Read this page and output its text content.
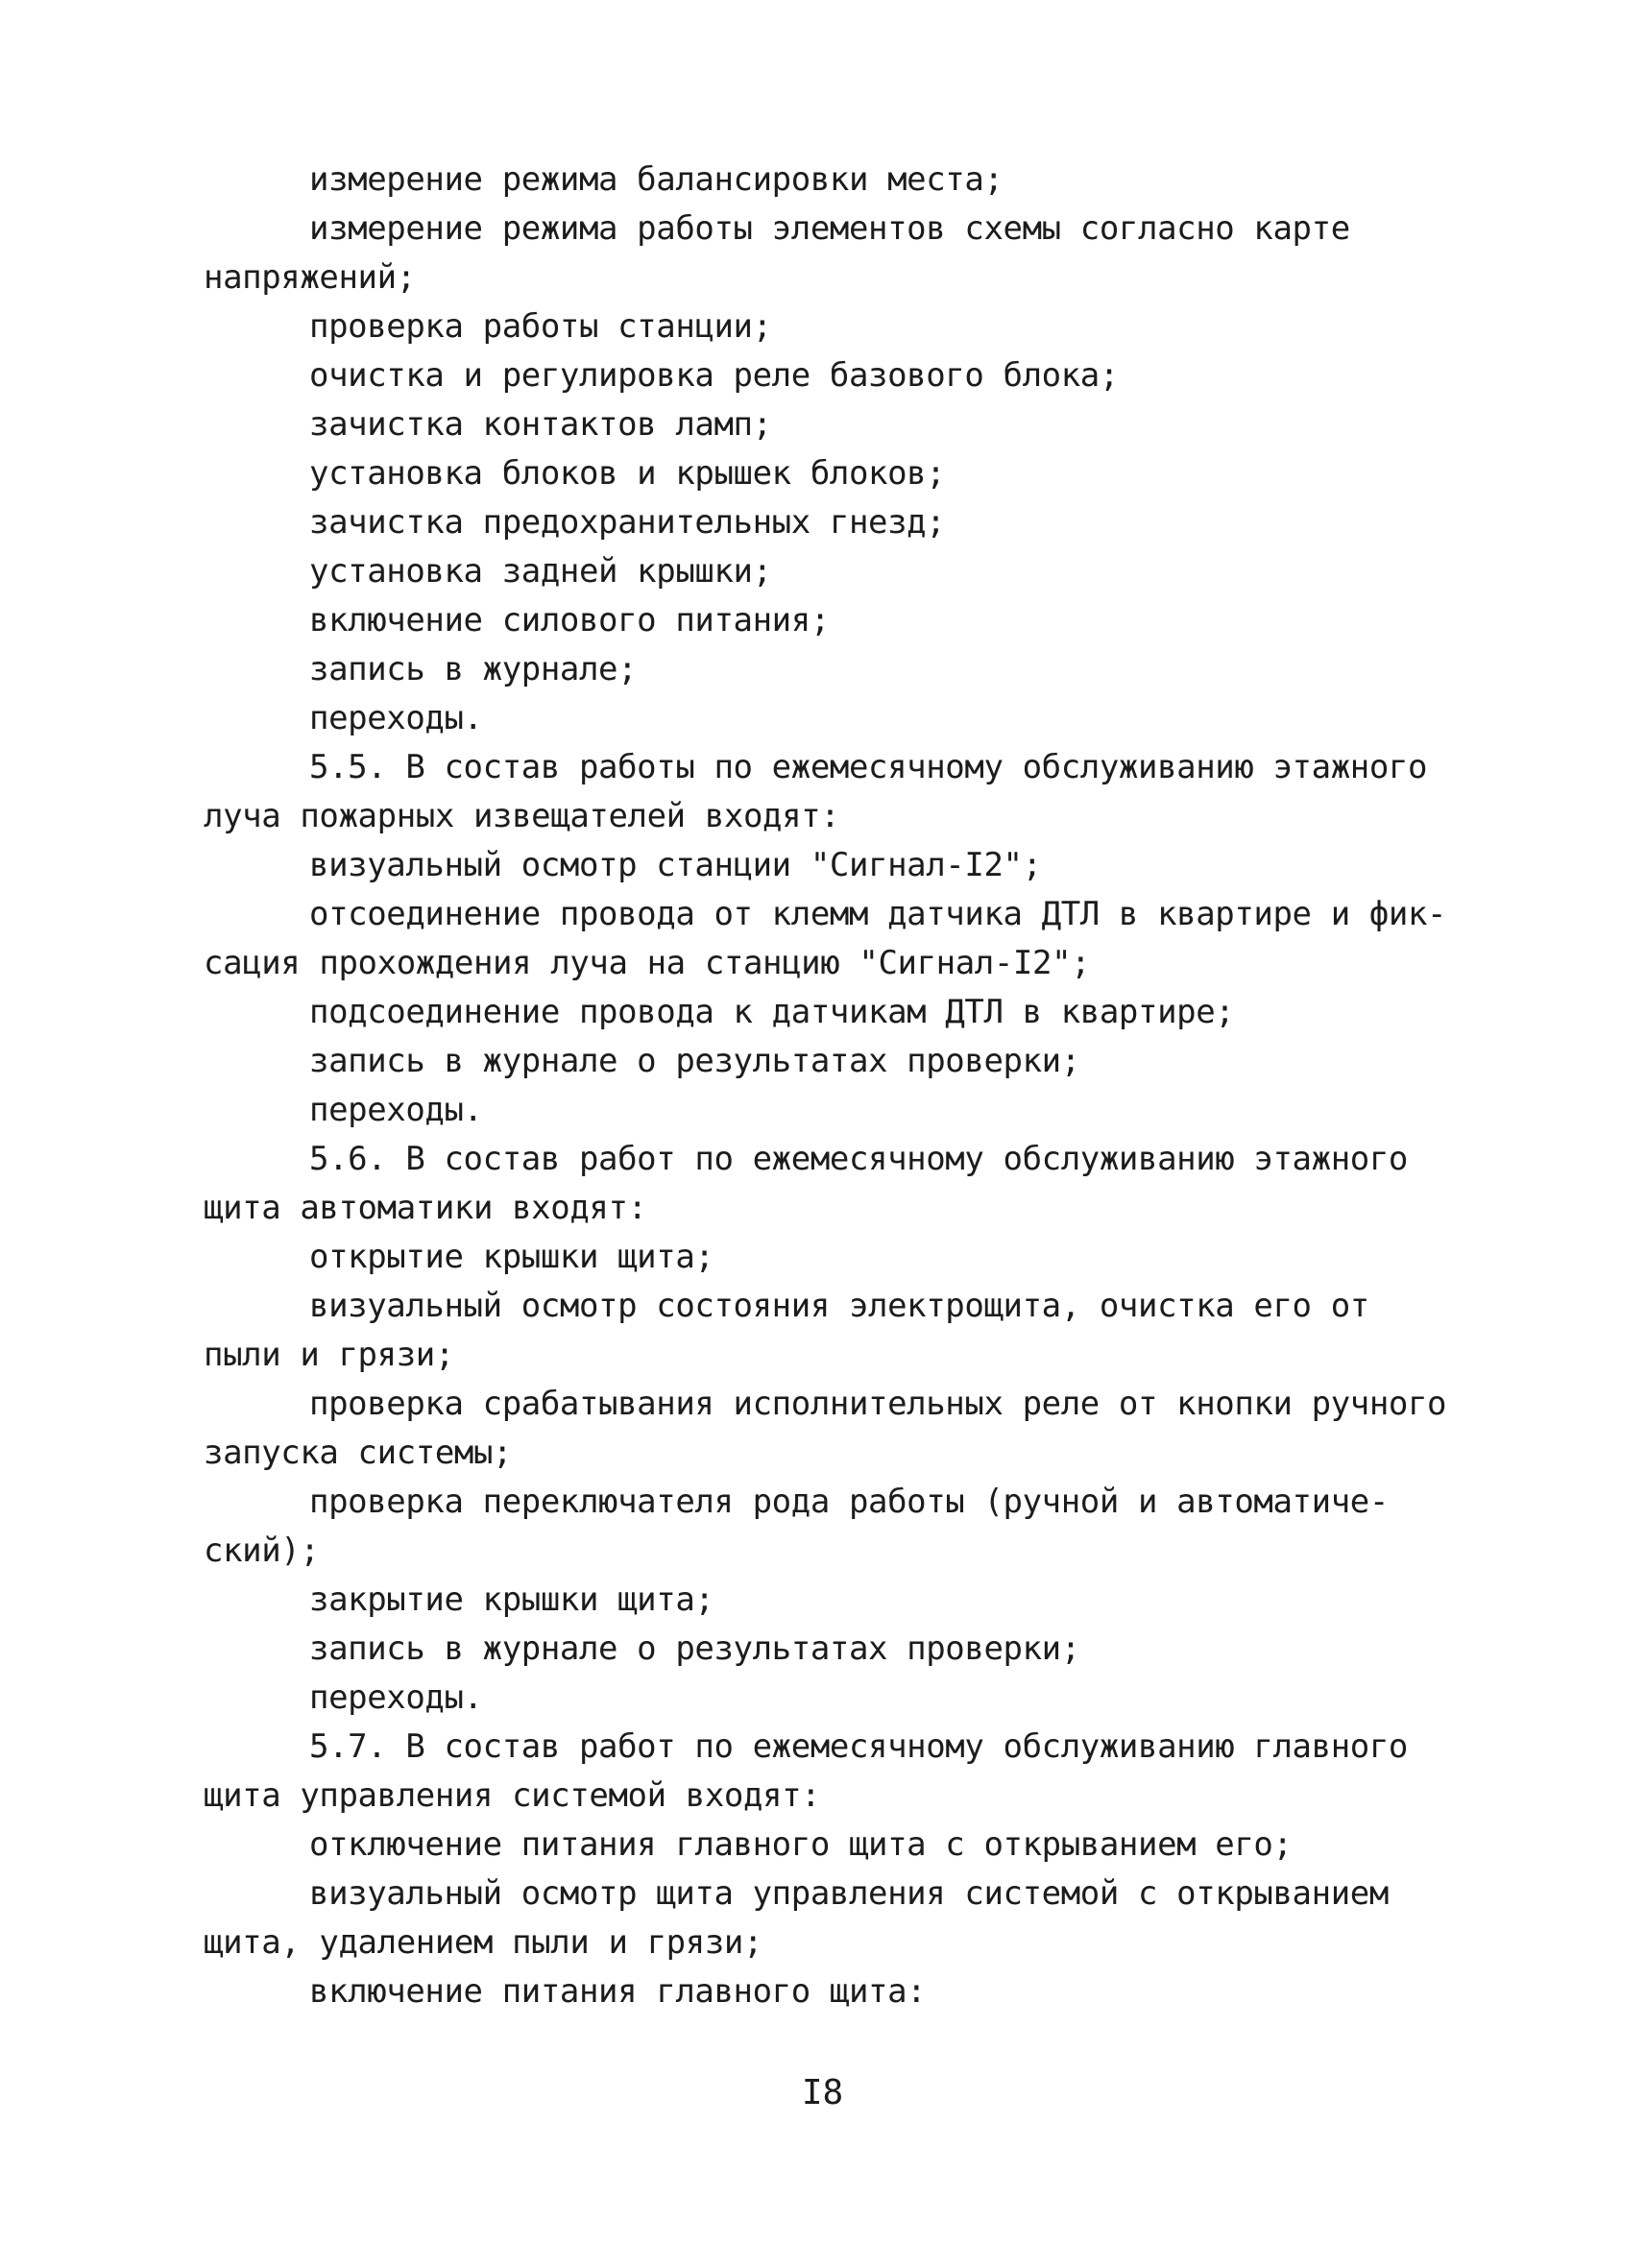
измерение режима балансировки места;
измерение режима работы элементов схемы согласно карте
напряжений;
проверка работы станции;
очистка и регулировка реле базового блока;
зачистка контактов ламп;
установка блоков и крышек блоков;
зачистка предохранительных гнезд;
установка задней крышки;
включение силового питания;
запись в журнале;
переходы.
5.5. В состав работы по ежемесячному обслуживанию этажного
луча пожарных извещателей входят:
визуальный осмотр станции "Сигнал-I2";
отсоединение провода от клемм датчика ДТЛ в квартире и фик-
сация прохождения луча на станцию "Сигнал-I2";
подсоединение провода к датчикам ДТЛ в квартире;
запись в журнале о результатах проверки;
переходы.
5.6. В состав работ по ежемесячному обслуживанию этажного
щита автоматики входят:
открытие крышки щита;
визуальный осмотр состояния электрощита, очистка его от
пыли и грязи;
проверка срабатывания исполнительных реле от кнопки ручного
запуска системы;
проверка переключателя рода работы (ручной и автоматиче-
ский);
закрытие крышки щита;
запись в журнале о результатах проверки;
переходы.
5.7. В состав работ по ежемесячному обслуживанию главного
щита управления системой входят:
отключение питания главного щита с открыванием его;
визуальный осмотр щита управления системой с открыванием
щита, удалением пыли и грязи;
включение питания главного щита:
I8
